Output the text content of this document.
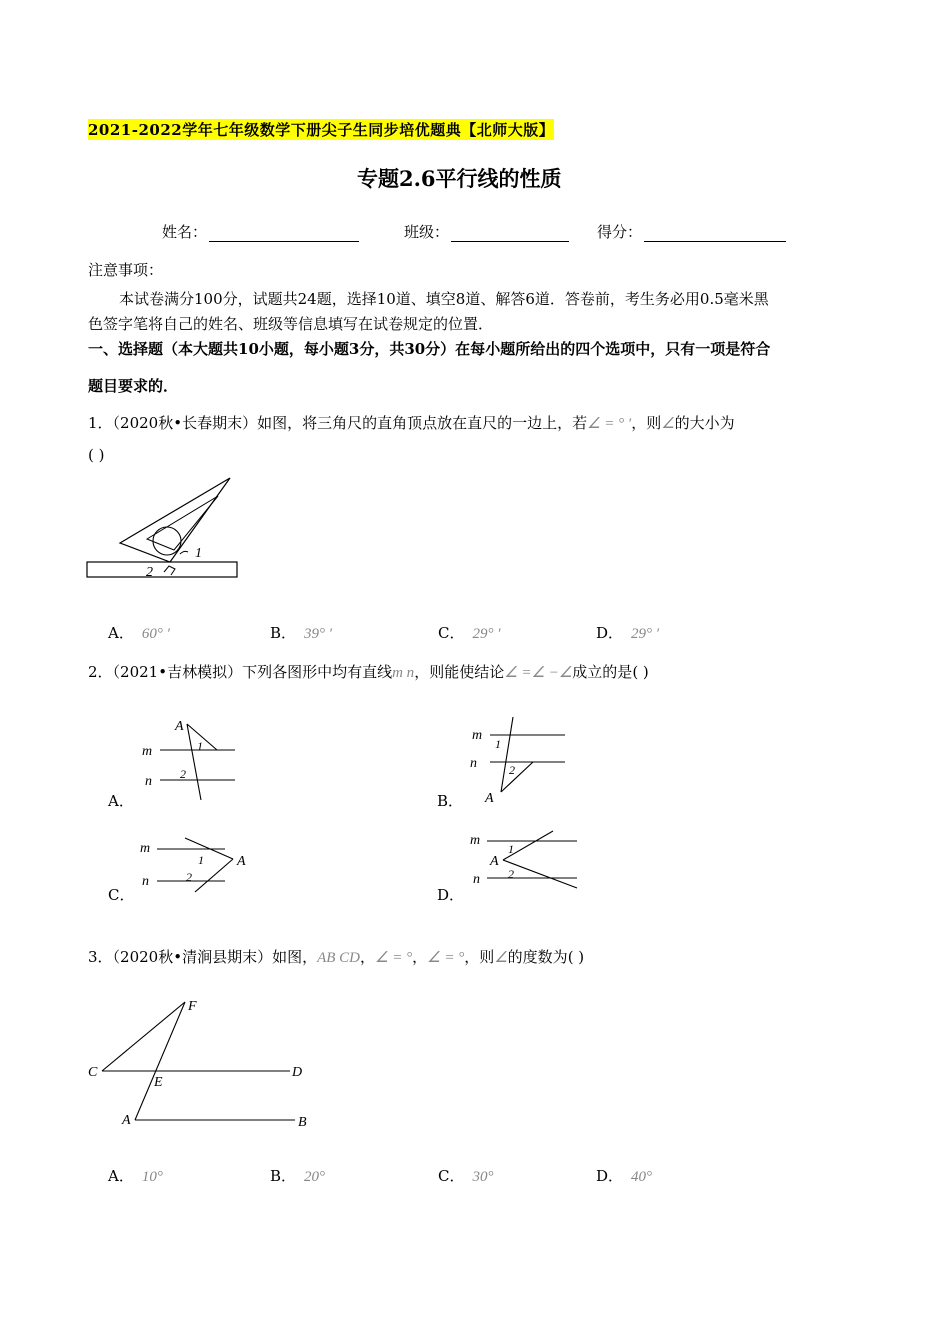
2021-2022学年七年级数学下册尖子生同步培优题典【北师大版】
专题2.6平行线的性质
姓名：	班级：	得分：
注意事项：
本试卷满分100分，试题共24题，选择10道、填空8道、解答6道．答卷前，考生务必用0.5毫米黑
色签字笔将自己的姓名、班级等信息填写在试卷规定的位置．
一、选择题（本大题共10小题，每小题3分，共30分）在每小题所给出的四个选项中，只有一项是符合
题目要求的．
1．（2020秋•长春期末）如图，将三角尺的直角顶点放在直尺的一边上，若∠ = ° ′，则∠的大小为
( )
1
2
A． 60° ′	B． 39° ′	C． 29° ′	D． 29° ′
2．（2021•吉林模拟）下列各图形中均有直线m n，则能使结论∠ =∠ −∠成立的是( )
m
n
A
1
2
A．
m
n
A
1
2
B．
m
n
A
1
2
C．
m
n
A
1
2
D．
3．（2020秋•清涧县期末）如图，AB CD，∠ = °，∠ = °，则∠的度数为( )
F
C
E
D
A	B
A． 10°	B． 20°	C． 30°	D． 40°
